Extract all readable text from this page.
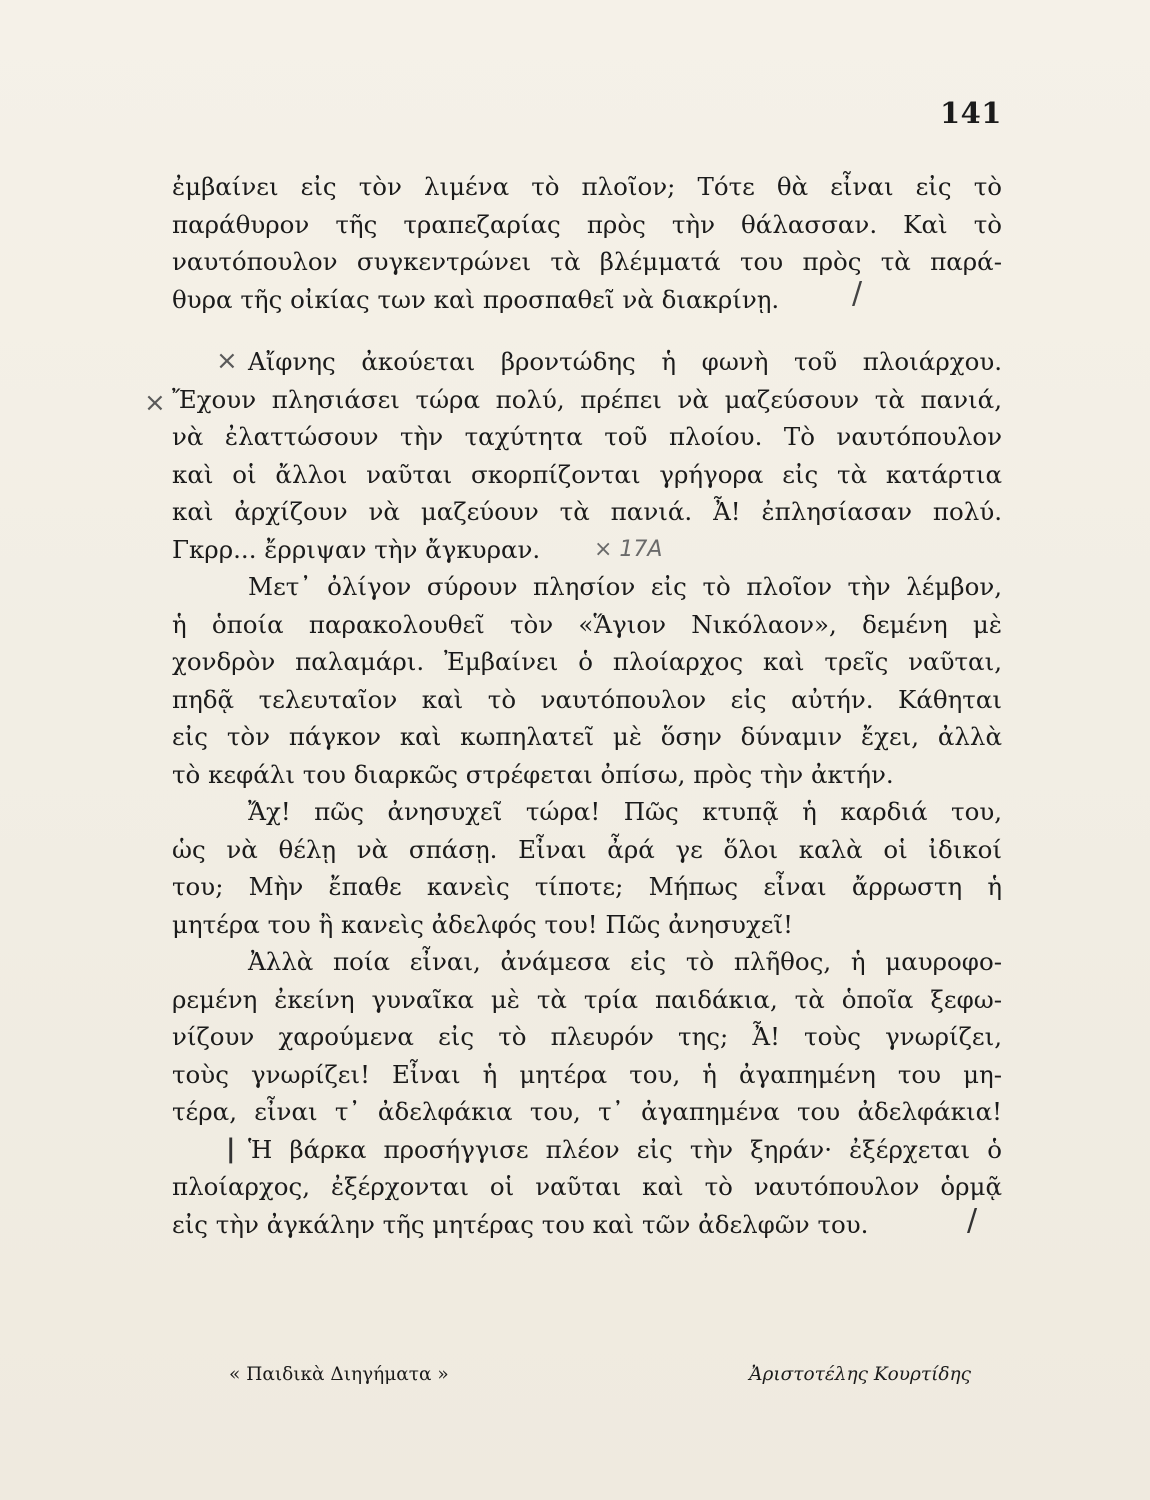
141
ἐμβαίνει εἰς τὸν λιμένα τὸ πλοῖον; Τότε θὰ εἶναι εἰς τὸ
παράθυρον τῆς τραπεζαρίας πρὸς τὴν θάλασσαν. Καὶ τὸ
ναυτόπουλον συγκεντρώνει τὰ βλέμματά του πρὸς τὰ παρά-
θυρα τῆς οἰκίας των καὶ προσπαθεῖ νὰ διακρίνῃ. /
× Αἴφνης ἀκούεται βροντώδης ἡ φωνὴ τοῦ πλοιάρχου.
× Ἔχουν πλησιάσει τώρα πολύ, πρέπει νὰ μαζεύσουν τὰ πανιά,
νὰ ἐλαττώσουν τὴν ταχύτητα τοῦ πλοίου. Τὸ ναυτόπουλον
καὶ οἱ ἄλλοι ναῦται σκορπίζονται γρήγορα εἰς τὰ κατάρτια
καὶ ἀρχίζουν νὰ μαζεύουν τὰ πανιά. Ἆ! ἐπλησίασαν πολύ.
Γκρρ... ἔρριψαν τὴν ἄγκυραν. × 17A
Μετ᾽ ὀλίγον σύρουν πλησίον εἰς τὸ πλοῖον τὴν λέμβον,
ἡ ὁποία παρακολουθεῖ τὸν «Ἅγιον Νικόλαον», δεμένη μὲ
χονδρὸν παλαμάρι. Ἐμβαίνει ὁ πλοίαρχος καὶ τρεῖς ναῦται,
πηδᾷ τελευταῖον καὶ τὸ ναυτόπουλον εἰς αὐτήν. Κάθηται
εἰς τὸν πάγκον καὶ κωπηλατεῖ μὲ ὅσην δύναμιν ἔχει, ἀλλὰ
τὸ κεφάλι του διαρκῶς στρέφεται ὀπίσω, πρὸς τὴν ἀκτήν.
Ἄχ! πῶς ἀνησυχεῖ τώρα! Πῶς κτυπᾷ ἡ καρδιά του,
ὡς νὰ θέλῃ νὰ σπάσῃ. Εἶναι ἆρά γε ὅλοι καλὰ οἱ ἰδικοί
του; Μὴν ἔπαθε κανεὶς τίποτε; Μήπως εἶναι ἄρρωστη ἡ
μητέρα του ἢ κανεὶς ἀδελφός του! Πῶς ἀνησυχεῖ!
Ἀλλὰ ποία εἶναι, ἀνάμεσα εἰς τὸ πλῆθος, ἡ μαυροφο-
ρεμένη ἐκείνη γυναῖκα μὲ τὰ τρία παιδάκια, τὰ ὁποῖα ξεφω-
νίζουν χαρούμενα εἰς τὸ πλευρόν της; Ἆ! τοὺς γνωρίζει,
τοὺς γνωρίζει! Εἶναι ἡ μητέρα του, ἡ ἀγαπημένη του μη-
τέρα, εἶναι τ᾽ ἀδελφάκια του, τ᾽ ἀγαπημένα του ἀδελφάκια!
| Ἡ βάρκα προσήγγισε πλέον εἰς τὴν ξηράν· ἐξέρχεται ὁ
πλοίαρχος, ἐξέρχονται οἱ ναῦται καὶ τὸ ναυτόπουλον ὁρμᾷ
εἰς τὴν ἀγκάλην τῆς μητέρας του καὶ τῶν ἀδελφῶν του.	/
« Παιδικὰ Διηγήματα »	Ἀριστοτέλης Κουρτίδης
